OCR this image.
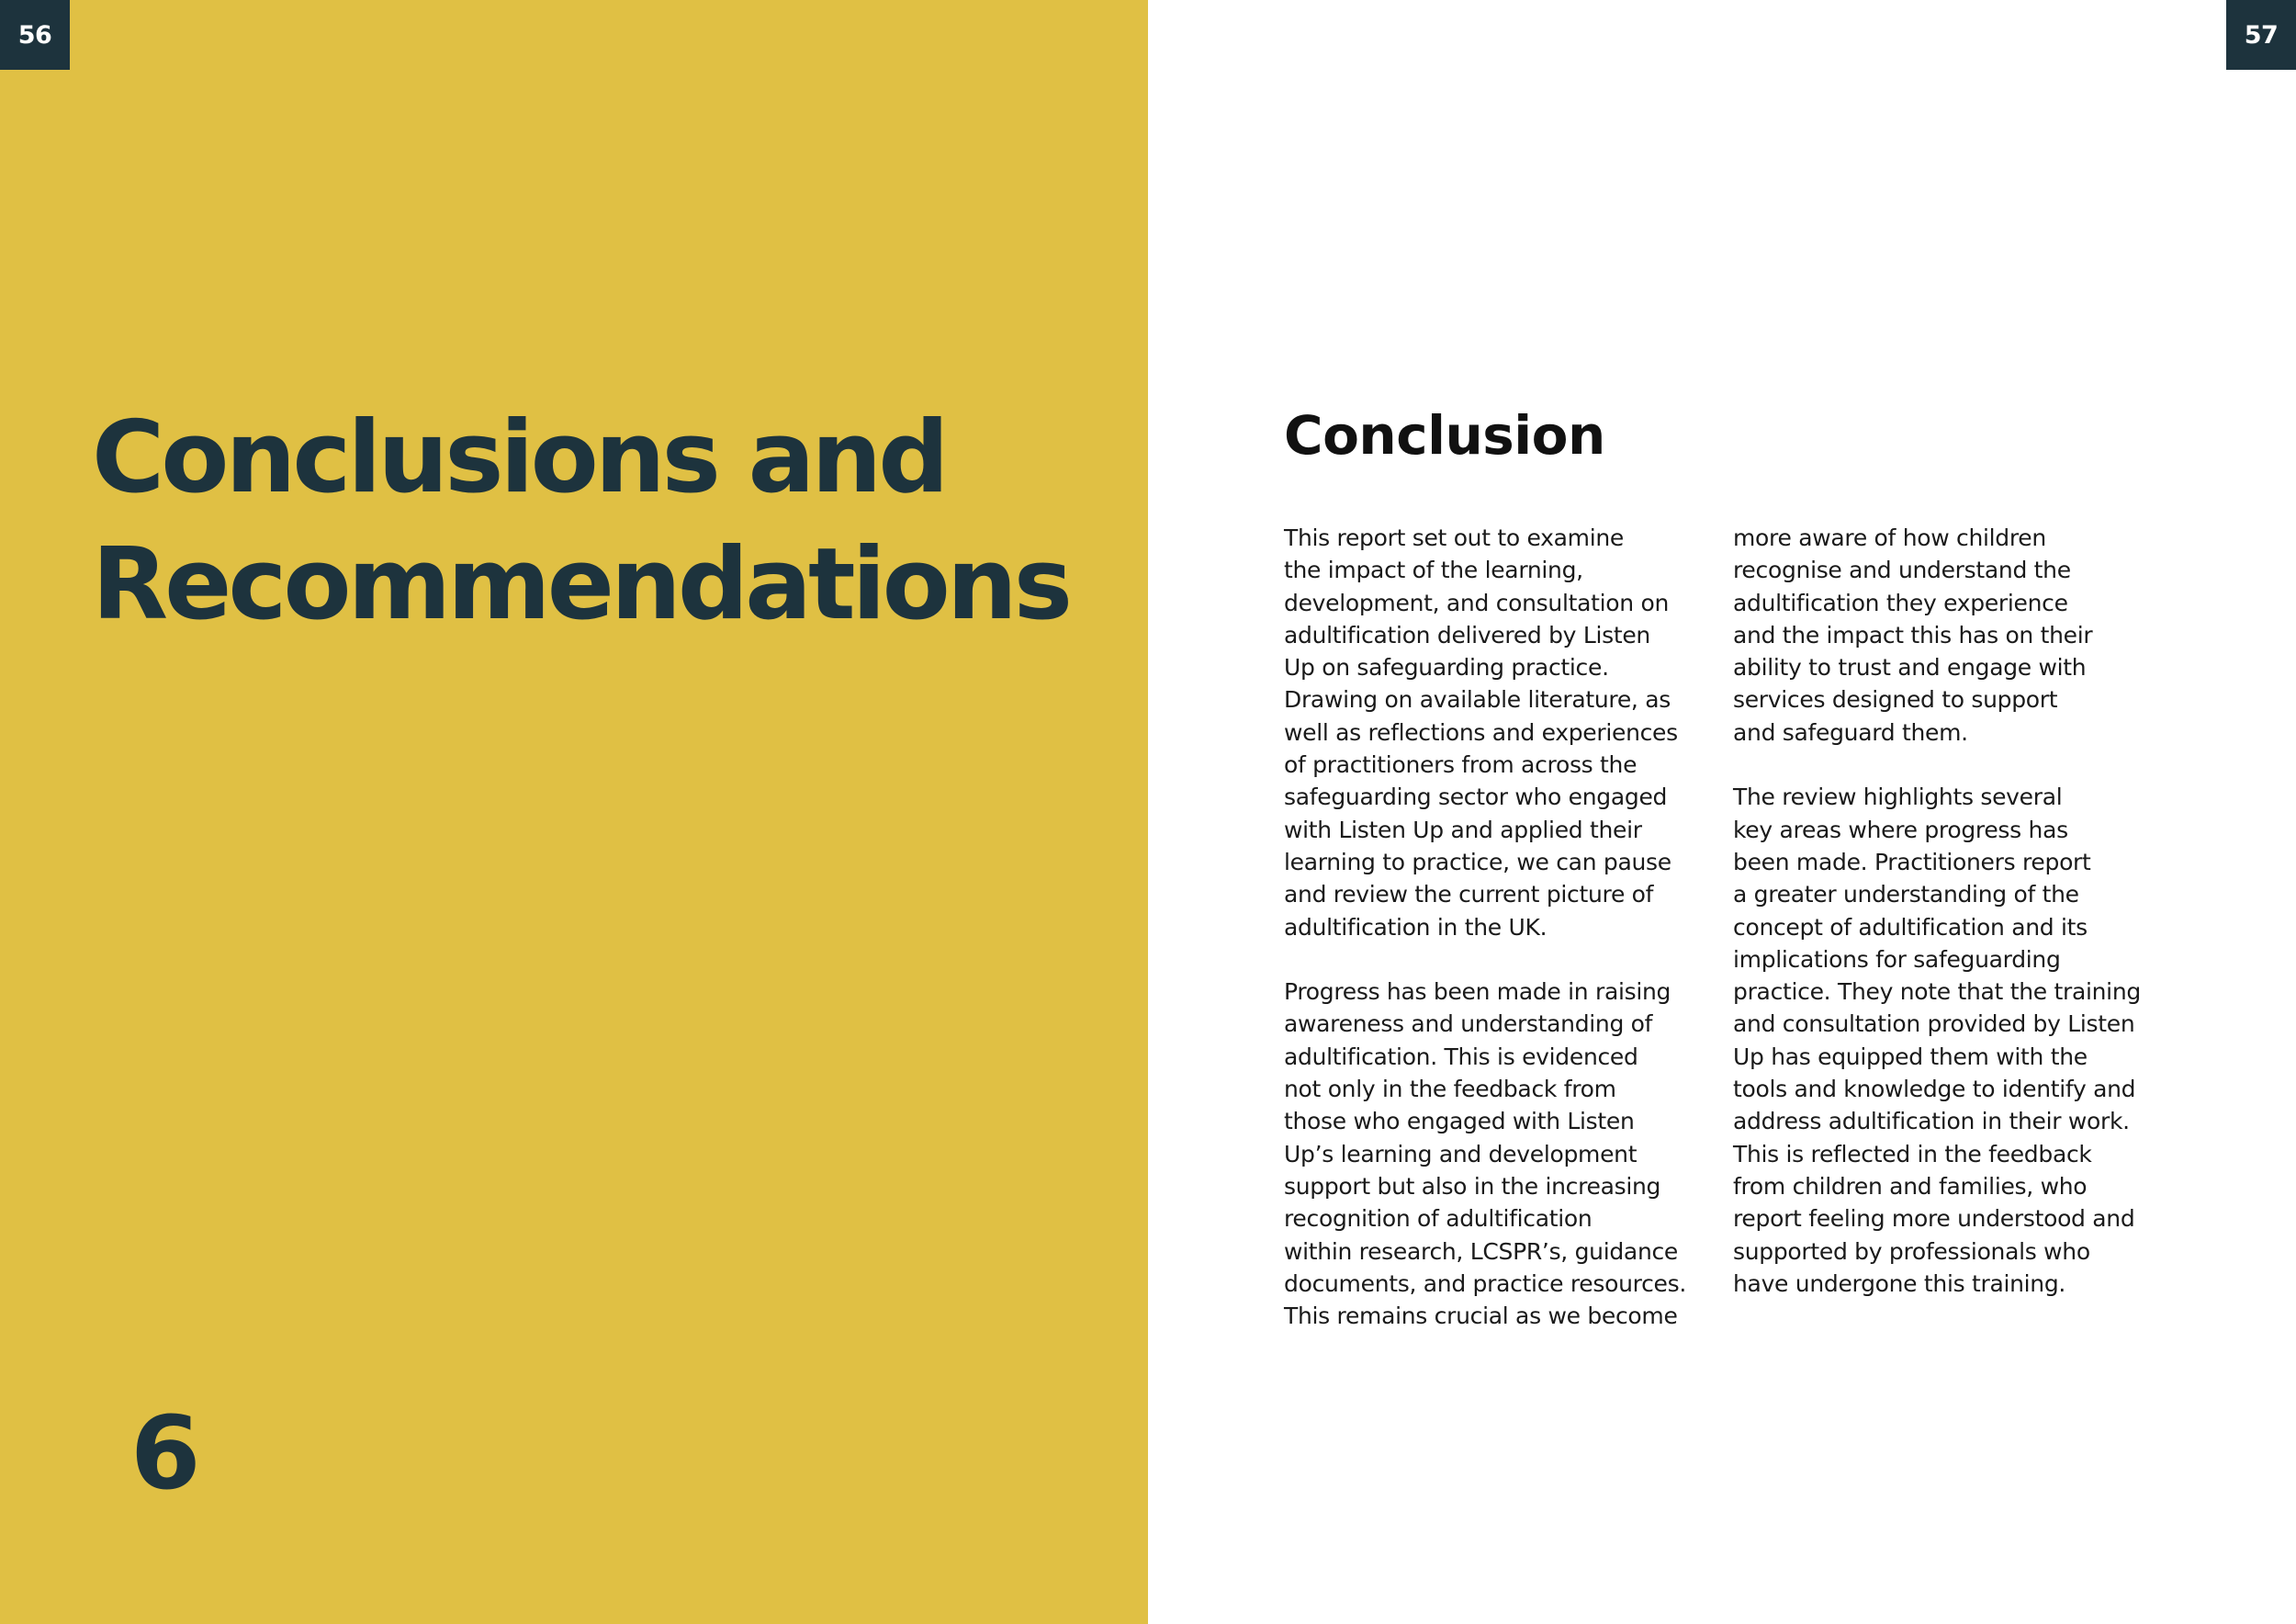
56
Conclusions and
Recommendations
6
57
Conclusion

This report set out to examine
the impact of the learning,
development, and consultation on
adultification delivered by Listen
Up on safeguarding practice.
Drawing on available literature, as
well as reflections and experiences
of practitioners from across the
safeguarding sector who engaged
with Listen Up and applied their
learning to practice, we can pause
and review the current picture of
adultification in the UK.

Progress has been made in raising
awareness and understanding of
adultification. This is evidenced
not only in the feedback from
those who engaged with Listen
Up’s learning and development
support but also in the increasing
recognition of adultification
within research, LCSPR’s, guidance
documents, and practice resources.
This remains crucial as we become

more aware of how children
recognise and understand the
adultification they experience
and the impact this has on their
ability to trust and engage with
services designed to support
and safeguard them.

The review highlights several
key areas where progress has
been made. Practitioners report
a greater understanding of the
concept of adultification and its
implications for safeguarding
practice. They note that the training
and consultation provided by Listen
Up has equipped them with the
tools and knowledge to identify and
address adultification in their work.
This is reflected in the feedback
from children and families, who
report feeling more understood and
supported by professionals who
have undergone this training.
